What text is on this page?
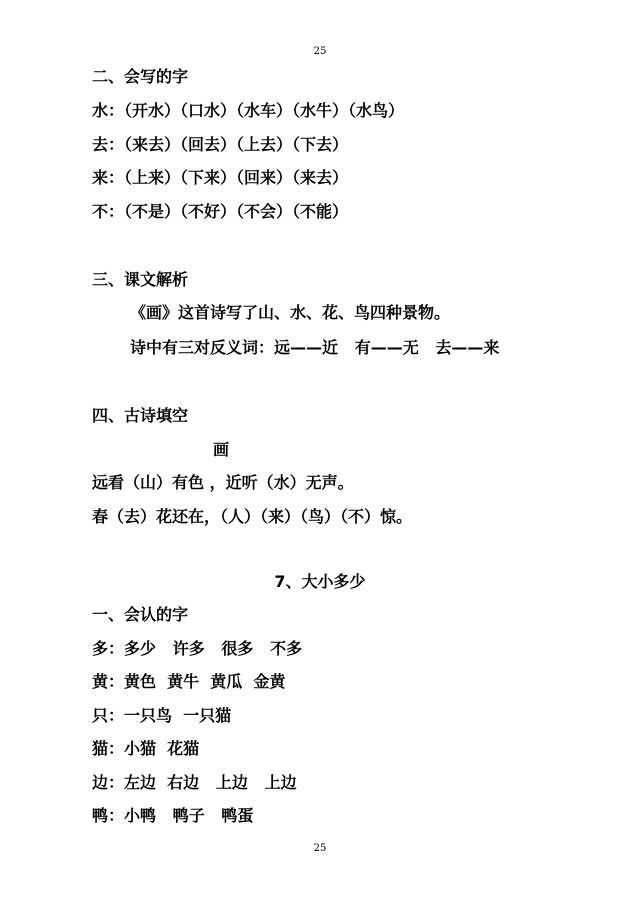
25
二、会写的字
水：（开水）（口水）（水车）（水牛）（水鸟）
去：（来去）（回去）（上去）（下去）
来：（上来）（下来）（回来）（来去）
不：（不是）（不好）（不会）（不能）
三、课文解析
《画》这首诗写了山、水、花、鸟四种景物。
诗中有三对反义词：远——近   有——无   去——来
四、古诗填空
画
远看（山）有色 ，近听（水）无声。
春（去）花还在，（人）（来）（鸟）（不）惊。
7、大小多少
一、会认的字
多：多少   许多   很多   不多
黄：黄色  黄牛  黄瓜  金黄
只：一只鸟  一只猫
猫：小猫  花猫
边：左边  右边   上边   上边
鸭：小鸭   鸭子   鸭蛋
25
